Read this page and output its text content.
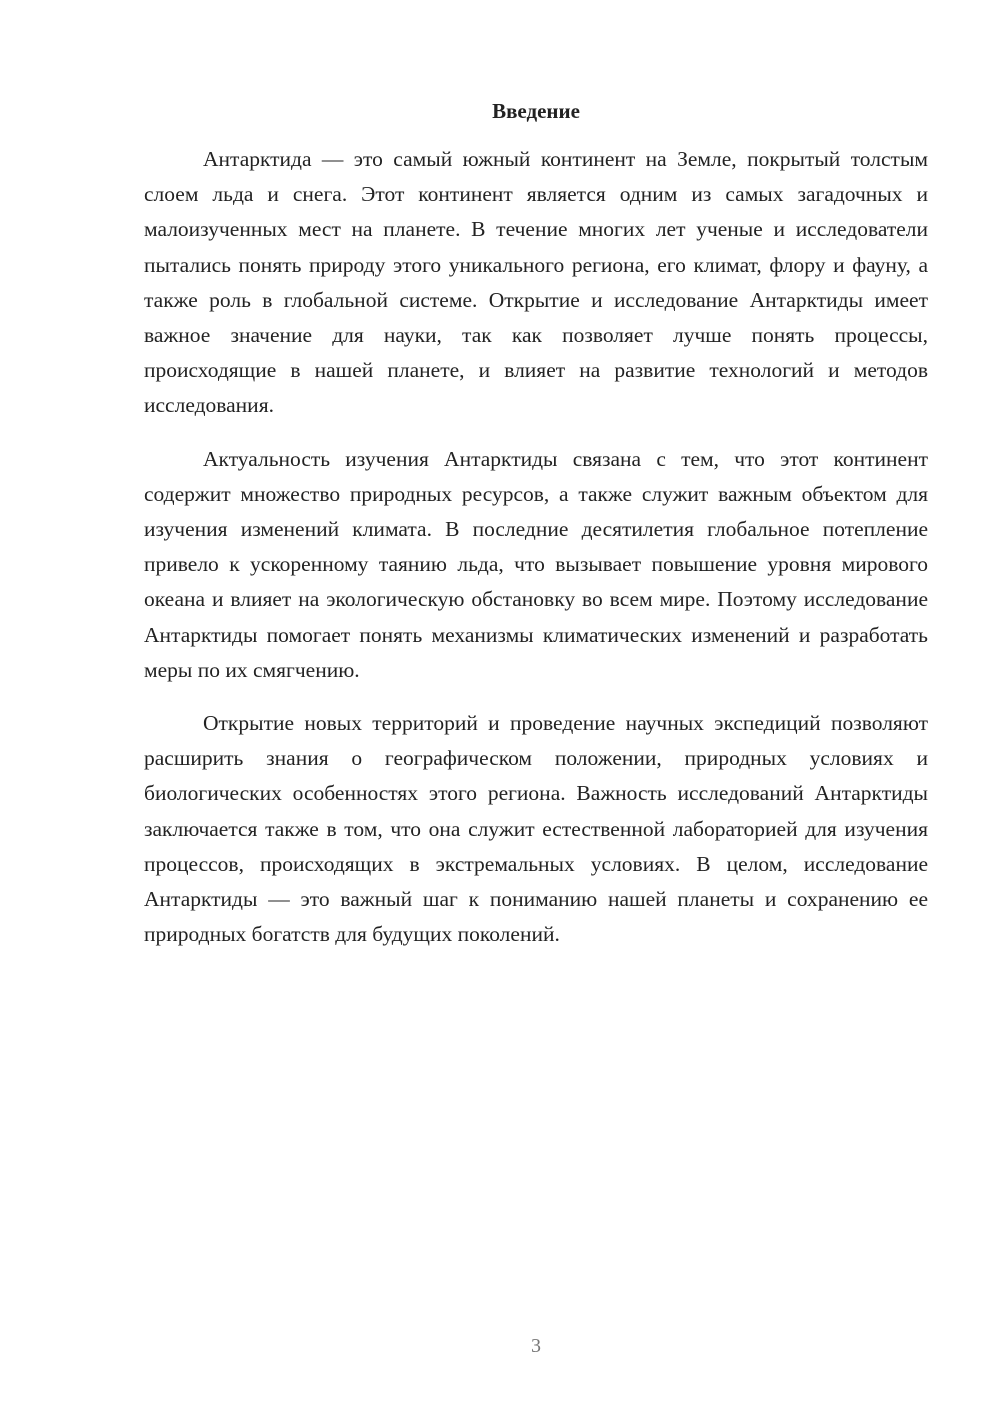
Введение

Антарктида — это самый южный континент на Земле, покрытый толстым слоем льда и снега. Этот континент является одним из самых загадочных и малоизученных мест на планете. В течение многих лет ученые и исследователи пытались понять природу этого уникального региона, его климат, флору и фауну, а также роль в глобальной системе. Открытие и исследование Антарктиды имеет важное значение для науки, так как позволяет лучше понять процессы, происходящие в нашей планете, и влияет на развитие технологий и методов исследования.

Актуальность изучения Антарктиды связана с тем, что этот континент содержит множество природных ресурсов, а также служит важным объектом для изучения изменений климата. В последние десятилетия глобальное потепление привело к ускоренному таянию льда, что вызывает повышение уровня мирового океана и влияет на экологическую обстановку во всем мире. Поэтому исследование Антарктиды помогает понять механизмы климатических изменений и разработать меры по их смягчению.

Открытие новых территорий и проведение научных экспедиций позволяют расширить знания о географическом положении, природных условиях и биологических особенностях этого региона. Важность исследований Антарктиды заключается также в том, что она служит естественной лабораторией для изучения процессов, происходящих в экстремальных условиях. В целом, исследование Антарктиды — это важный шаг к пониманию нашей планеты и сохранению ее природных богатств для будущих поколений.

3
